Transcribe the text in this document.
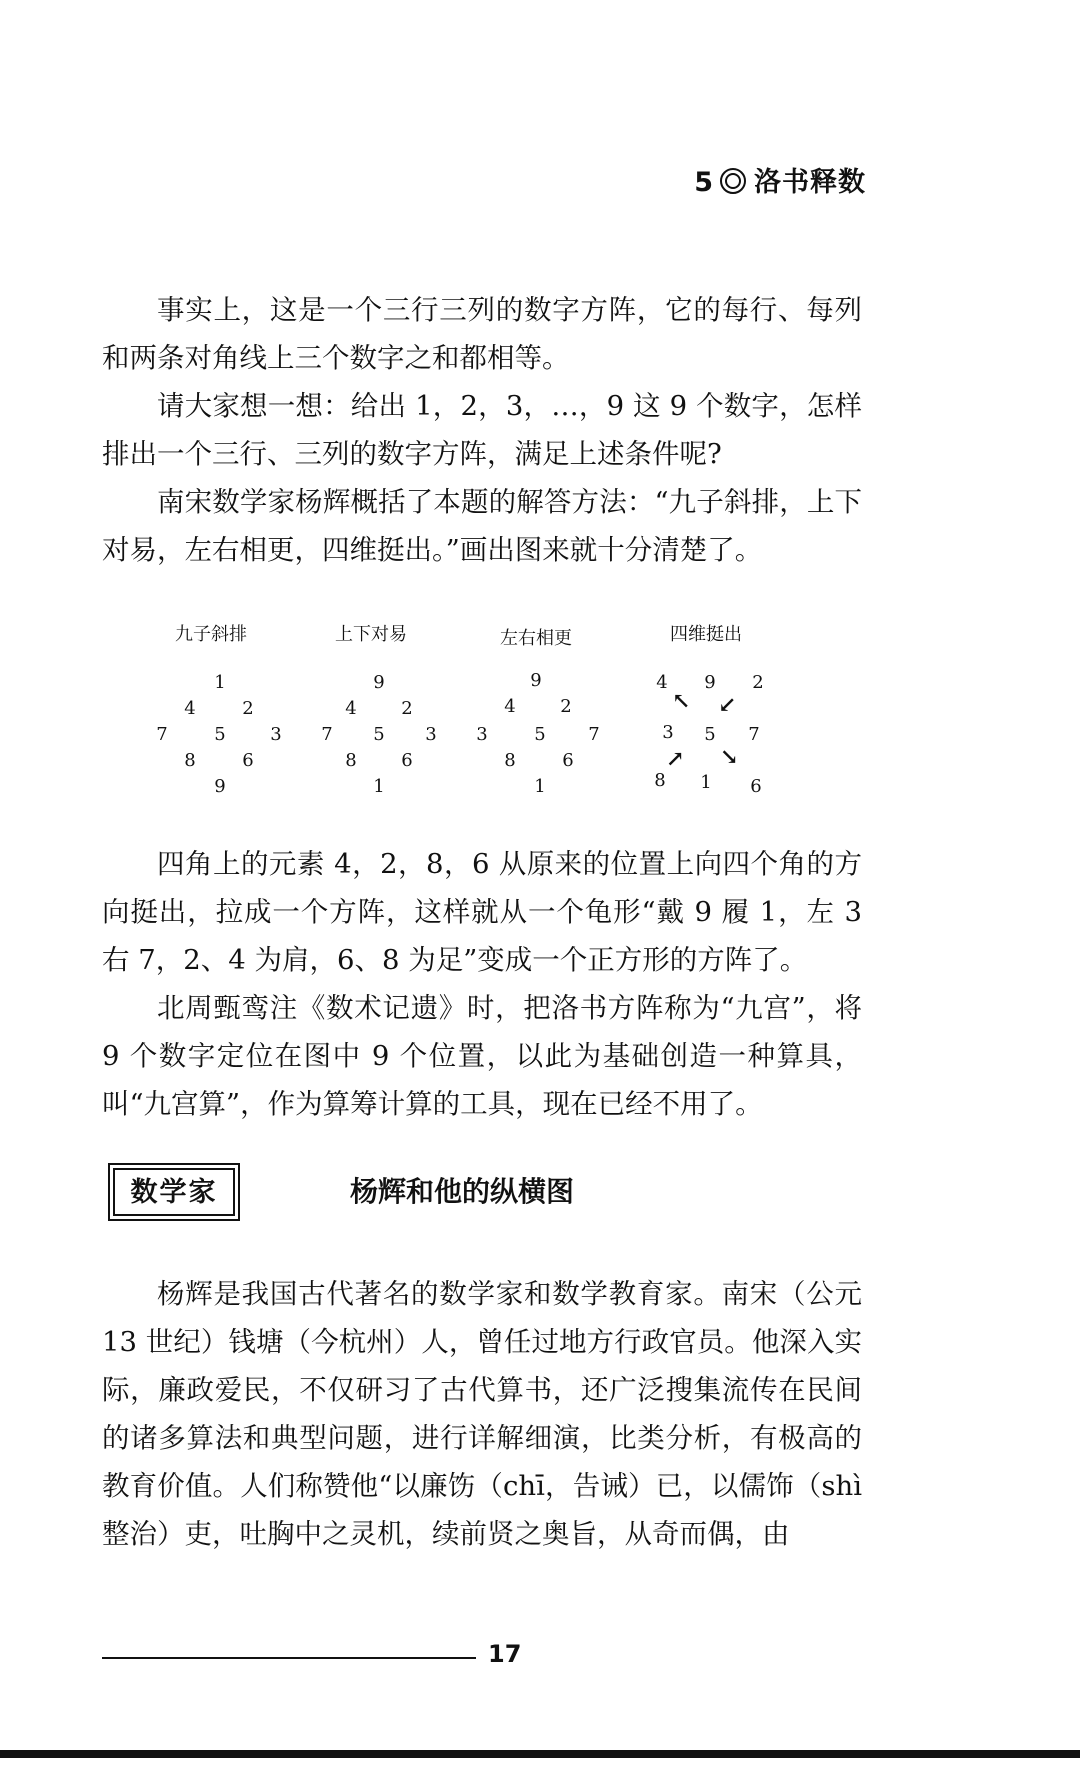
5 洛书释数

事实上，这是一个三行三列的数字方阵，它的每行、每列和两条对角线上三个数字之和都相等。

请大家想一想：给出 1，2，3，…，9 这 9 个数字，怎样排出一个三行、三列的数字方阵，满足上述条件呢?

南宋数学家杨辉概括了本题的解答方法：“九子斜排，上下对易，左右相更，四维挺出。”画出图来就十分清楚了。

九子斜排
1
4	2
7	5 3
8	6
9
上下对易
9
4 2
7 5 3
8 6
1
左右相更
9
4 2
3	5 7
8	6
1
四维挺出
4 9 2
↖ ↙
3 5 7
↗ ↘
8 1 6

四角上的元素 4，2，8，6 从原来的位置上向四个角的方向挺出，拉成一个方阵，这样就从一个龟形“戴 9 履 1，左 3 右 7，2、4 为肩，6、8 为足”变成一个正方形的方阵了。

北周甄鸾注《数术记遗》时，把洛书方阵称为“九宫”，将 9 个数字定位在图中 9 个位置，以此为基础创造一种算具，叫“九宫算”，作为算筹计算的工具，现在已经不用了。

数学家	杨辉和他的纵横图

杨辉是我国古代著名的数学家和数学教育家。南宋（公元 13 世纪）钱塘（今杭州）人，曾任过地方行政官员。他深入实际，廉政爱民，不仅研习了古代算书，还广泛搜集流传在民间的诸多算法和典型问题，进行详解细演，比类分析，有极高的教育价值。人们称赞他“以廉饬（chī，告诫）已，以儒饰（shì 整治）吏，吐胸中之灵机，续前贤之奥旨，从奇而偶，由

17
